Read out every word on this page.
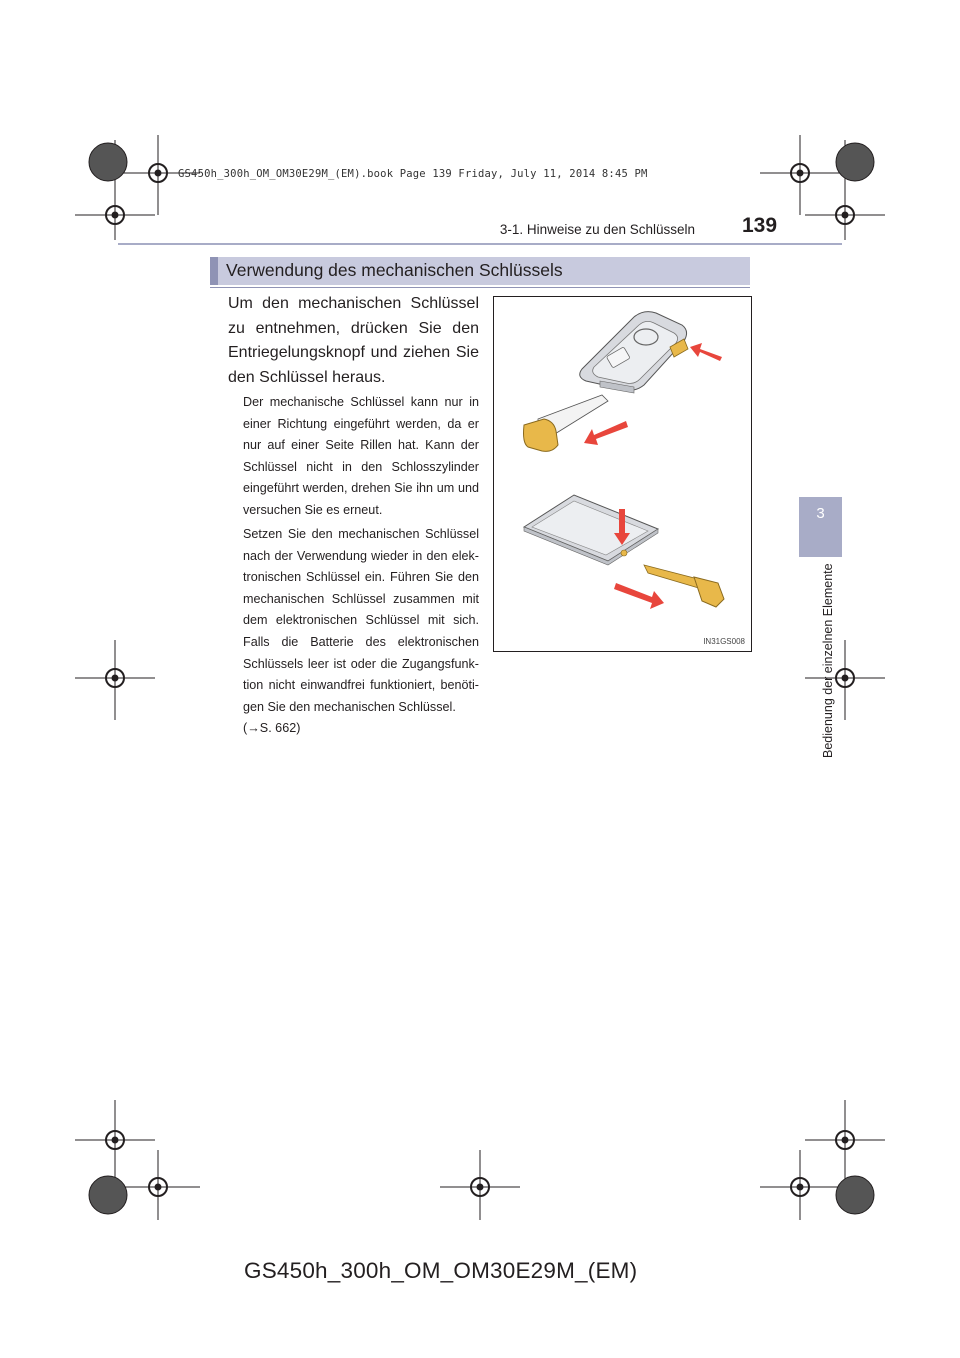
GS450h_300h_OM_OM30E29M_(EM).book Page 139 Friday, July 11, 2014 8:45 PM
3-1. Hinweise zu den Schlüsseln 139
3
Bedienung der einzelnen Elemente
Verwendung des mechanischen Schlüssels
Um den mechanischen Schlüssel zu entnehmen, drücken Sie den Entriegelungsknopf und ziehen Sie den Schlüssel heraus.
Der mechanische Schlüssel kann nur in einer Richtung eingeführt werden, da er nur auf einer Seite Rillen hat. Kann der Schlüssel nicht in den Schlosszylinder eingeführt werden, drehen Sie ihn um und versuchen Sie es erneut.
Setzen Sie den mechanischen Schlüssel nach der Verwendung wieder in den elektronischen Schlüssel ein. Führen Sie den mechanischen Schlüssel zusammen mit dem elektronischen Schlüssel mit sich. Falls die Batterie des elektronischen Schlüssels leer ist oder die Zugangsfunktion nicht einwandfrei funktioniert, benötigen Sie den mechanischen Schlüssel.
(→S. 662)
IN31GS008
GS450h_300h_OM_OM30E29M_(EM)
